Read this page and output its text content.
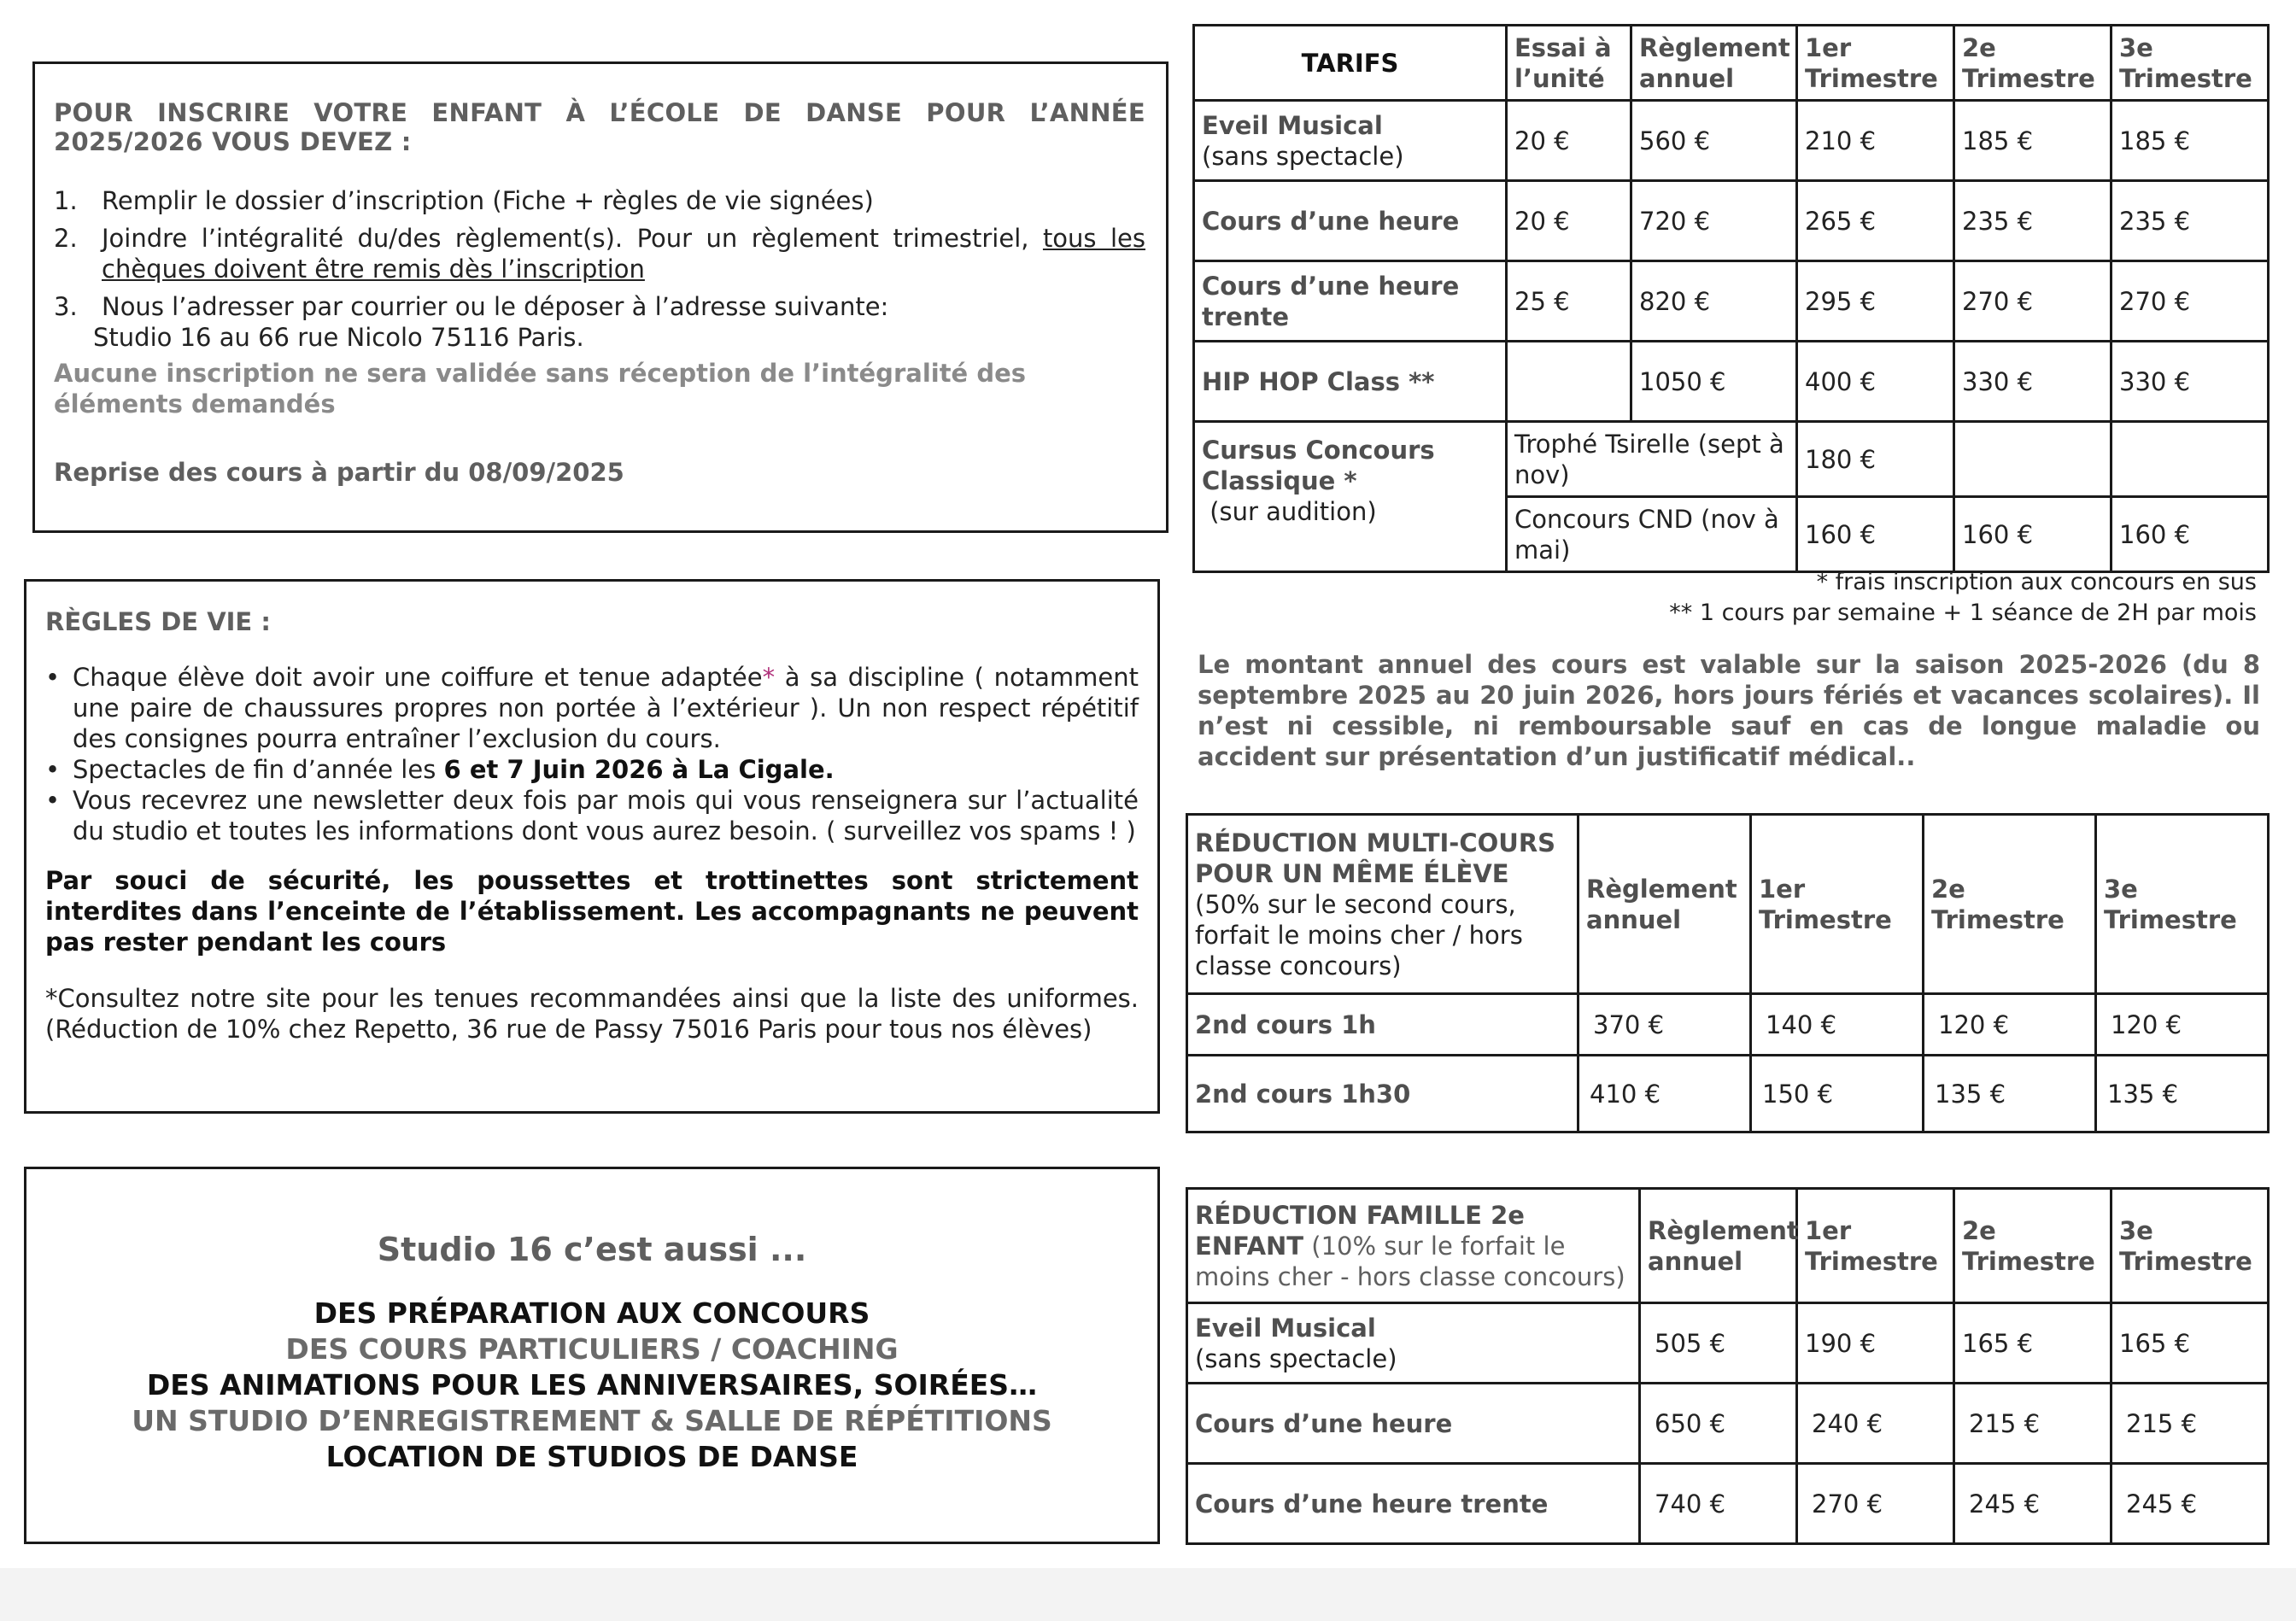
POUR INSCRIRE VOTRE ENFANT À L’ÉCOLE DE DANSE POUR L’ANNÉE 2025/2026 VOUS DEVEZ :
1. Remplir le dossier d’inscription (Fiche + règles de vie signées)
2. Joindre l’intégralité du/des règlement(s). Pour un règlement trimestriel, tous les chèques doivent être remis dès l’inscription
3. Nous l’adresser par courrier ou le déposer à l’adresse suivante:
Studio 16 au 66 rue Nicolo 75116 Paris.
Aucune inscription ne sera validée sans réception de l’intégralité des éléments demandés
Reprise des cours à partir du 08/09/2025
RÈGLES DE VIE :
• Chaque élève doit avoir une coiffure et tenue adaptée* à sa discipline ( notamment une paire de chaussures propres non portée à l’extérieur ). Un non respect répétitif des consignes pourra entraîner l’exclusion du cours.
• Spectacles de fin d’année les 6 et 7 Juin 2026 à La Cigale.
• Vous recevrez une newsletter deux fois par mois qui vous renseignera sur l’actualité du studio et toutes les informations dont vous aurez besoin. ( surveillez vos spams ! )
Par souci de sécurité, les poussettes et trottinettes sont strictement interdites dans l’enceinte de l’établissement. Les accompagnants ne peuvent pas rester pendant les cours
*Consultez notre site pour les tenues recommandées ainsi que la liste des uniformes. (Réduction de 10% chez Repetto, 36 rue de Passy 75016 Paris pour tous nos élèves)
Studio 16 c’est aussi ...
DES PRÉPARATION AUX CONCOURS
DES COURS PARTICULIERS / COACHING
DES ANIMATIONS POUR LES ANNIVERSAIRES, SOIRÉES…
UN STUDIO D’ENREGISTREMENT & SALLE DE RÉPÉTITIONS
LOCATION DE STUDIOS DE DANSE
TARIFS	Essai à l’unité	Règlement annuel	1er Trimestre	2e Trimestre	3e Trimestre
Eveil Musical
(sans spectacle)	20 €	560 €	210 €	185 €	185 €
Cours d’une heure	20 €	720 €	265 €	235 €	235 €
Cours d’une heure trente	25 €	820 €	295 €	270 €	270 €
HIP HOP Class **		1050 €	400 €	330 €	330 €
Cursus Concours Classique *
(sur audition)	Trophé Tsirelle (sept à nov)		180 €		
	Concours CND (nov à mai)		160 €	160 €	160 €
* frais inscription aux concours en sus
** 1 cours par semaine + 1 séance de 2H par mois
Le montant annuel des cours est valable sur la saison 2025-2026 (du 8 septembre 2025 au 20 juin 2026, hors jours fériés et vacances scolaires). Il n’est ni cessible, ni remboursable sauf en cas de longue maladie ou accident sur présentation d’un justificatif médical..
RÉDUCTION MULTI-COURS POUR UN MÊME ÉLÈVE
(50% sur le second cours, forfait le moins cher / hors classe concours)	Règlement annuel	1er Trimestre	2e Trimestre	3e Trimestre
2nd cours 1h	370 €	140 €	120 €	120 €
2nd cours 1h30	410 €	150 €	135 €	135 €
RÉDUCTION FAMILLE 2e ENFANT (10% sur le forfait le moins cher - hors classe concours)	Règlement annuel	1er Trimestre	2e Trimestre	3e Trimestre
Eveil Musical
(sans spectacle)	505 €	190 €	165 €	165 €
Cours d’une heure	650 €	240 €	215 €	215 €
Cours d’une heure trente	740 €	270 €	245 €	245 €
